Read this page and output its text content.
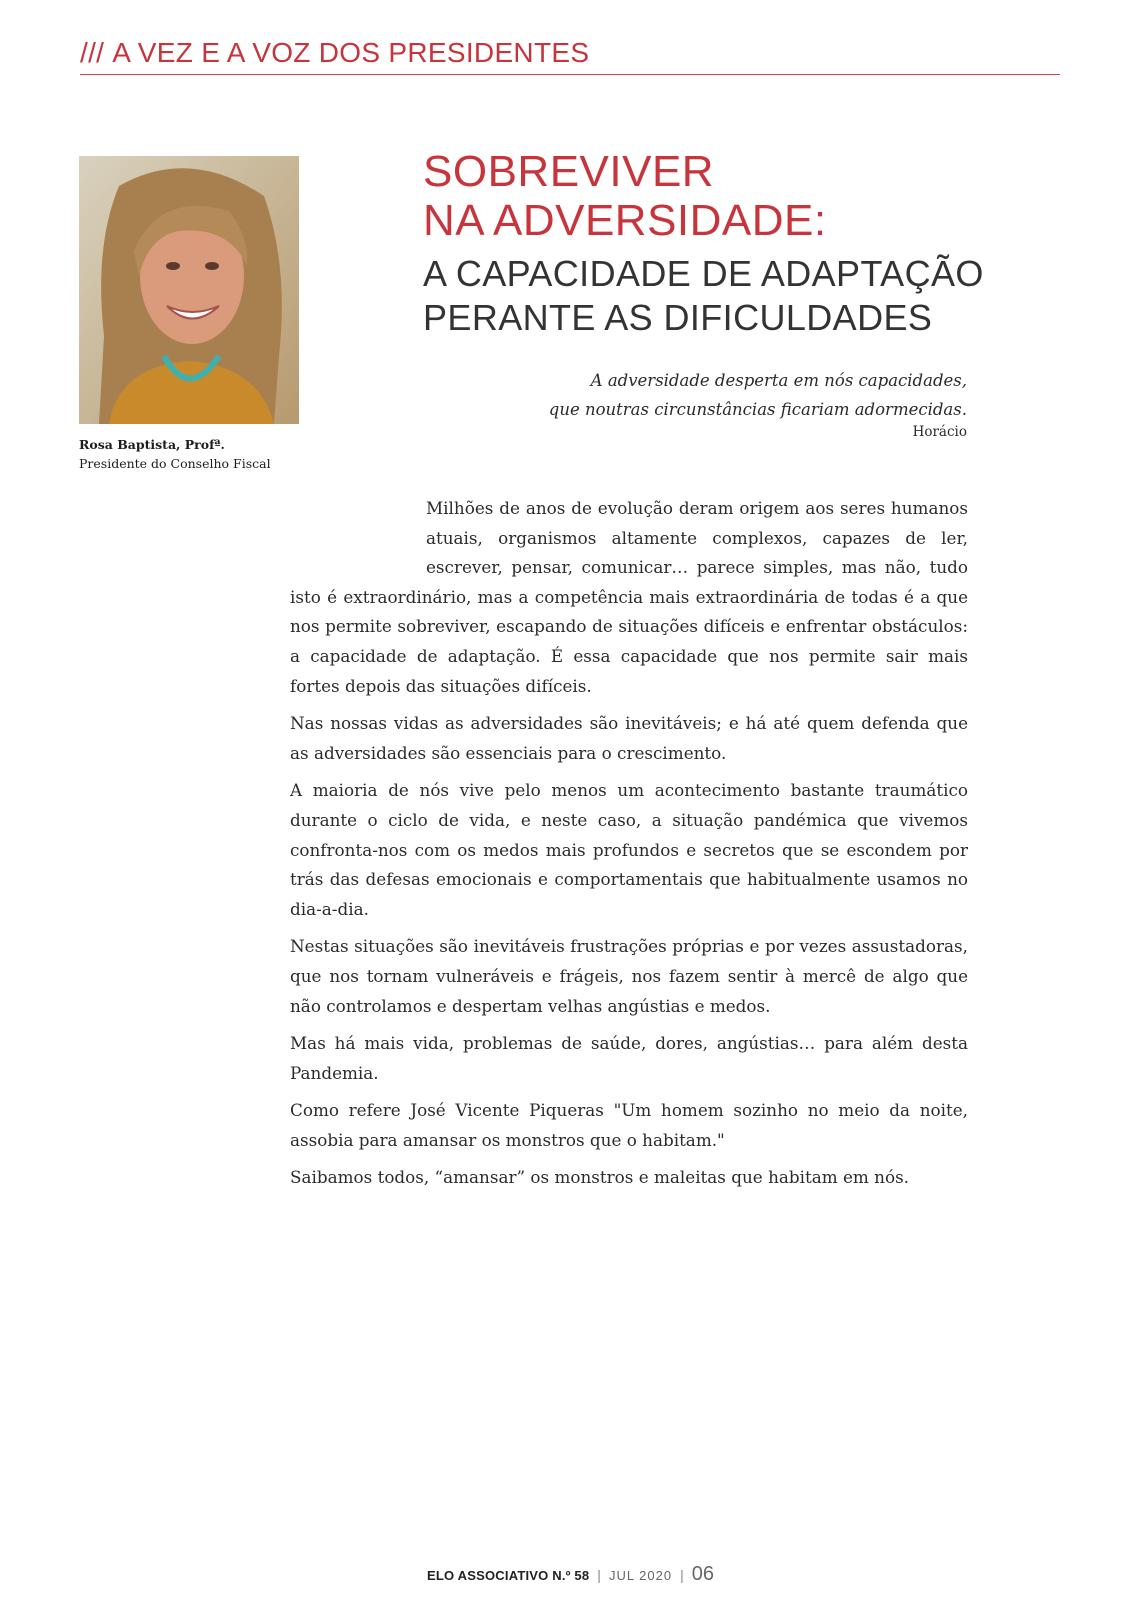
/// A VEZ E A VOZ DOS PRESIDENTES
Rosa Baptista, Profª.
Presidente do Conselho Fiscal
SOBREVIVER
NA ADVERSIDADE:
A CAPACIDADE DE ADAPTAÇÃO
PERANTE AS DIFICULDADES
A adversidade desperta em nós capacidades,
que noutras circunstâncias ficariam adormecidas.
Horácio

Milhões de anos de evolução deram origem aos seres humanos atuais, organismos altamente complexos, capazes de ler, escrever, pensar, comunicar… parece simples, mas não, tudo isto é extraordinário, mas a competência mais extraordinária de todas é a que nos permite sobreviver, escapando de situações difíceis e enfrentar obstáculos: a capacidade de adaptação. É essa capacidade que nos permite sair mais fortes depois das situações difíceis.

Nas nossas vidas as adversidades são inevitáveis; e há até quem defenda que as adversidades são essenciais para o crescimento.

A maioria de nós vive pelo menos um acontecimento bastante traumático durante o ciclo de vida, e neste caso, a situação pandémica que vivemos confronta-nos com os medos mais profundos e secretos que se escondem por trás das defesas emocionais e comportamentais que habitualmente usamos no dia-a-dia.

Nestas situações são inevitáveis frustrações próprias e por vezes assustadoras, que nos tornam vulneráveis e frágeis, nos fazem sentir à mercê de algo que não controlamos e despertam velhas angústias e medos.

Mas há mais vida, problemas de saúde, dores, angústias… para além desta Pandemia.

Como refere José Vicente Piqueras "Um homem sozinho no meio da noite, assobia para amansar os monstros que o habitam."

Saibamos todos, “amansar” os monstros e maleitas que habitam em nós.

ELO ASSOCIATIVO N.º 58 | JUL 2020 | 06
